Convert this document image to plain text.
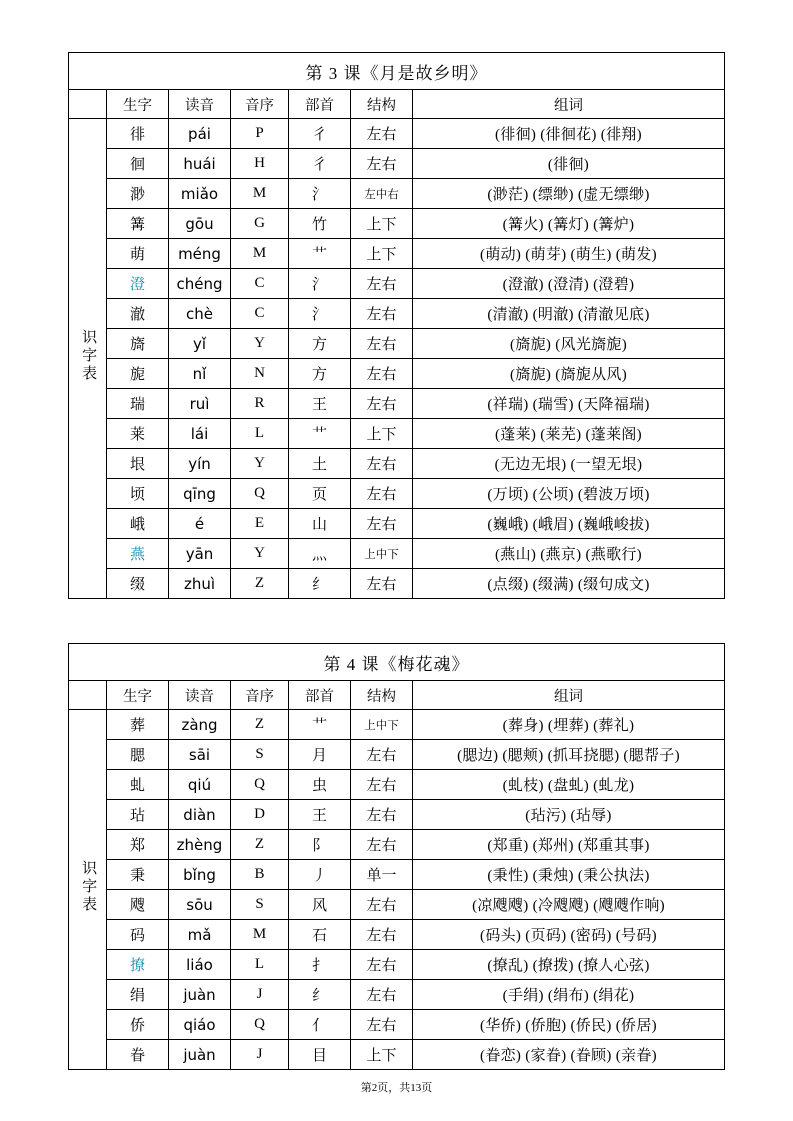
第 3 课《月是故乡明》						
	生字	读音	音序	部首	结构	组词
识字表	徘	pái	P	彳	左右	(徘徊) (徘徊花) (徘翔)
	徊	huái	H	彳	左右	(徘徊)
	渺	miǎo	M	氵	左中右	(渺茫) (缥缈) (虚无缥缈)
	篝	gōu	G	竹	上下	(篝火) (篝灯) (篝炉)
	萌	méng	M	艹	上下	(萌动) (萌芽) (萌生) (萌发)
	澄	chéng	C	氵	左右	(澄澈) (澄清) (澄碧)
	澈	chè	C	氵	左右	(清澈) (明澈) (清澈见底)
	旖	yǐ	Y	方	左右	(旖旎) (风光旖旎)
	旎	nǐ	N	方	左右	(旖旎) (旖旎从风)
	瑞	ruì	R	王	左右	(祥瑞) (瑞雪) (天降福瑞)
	莱	lái	L	艹	上下	(蓬莱) (莱芜) (蓬莱阁)
	垠	yín	Y	土	左右	(无边无垠) (一望无垠)
	顷	qīng	Q	页	左右	(万顷) (公顷) (碧波万顷)
	峨	é	E	山	左右	(巍峨) (峨眉) (巍峨峻拔)
	燕	yān	Y	灬	上中下	(燕山) (燕京) (燕歌行)
	缀	zhuì	Z	纟	左右	(点缀) (缀满) (缀句成文)
第 4 课《梅花魂》						
	生字	读音	音序	部首	结构	组词
识字表	葬	zàng	Z	艹	上中下	(葬身) (埋葬) (葬礼)
	腮	sāi	S	月	左右	(腮边) (腮颊) (抓耳挠腮) (腮帮子)
	虬	qiú	Q	虫	左右	(虬枝) (盘虬) (虬龙)
	玷	diàn	D	王	左右	(玷污) (玷辱)
	郑	zhèng	Z	阝	左右	(郑重) (郑州) (郑重其事)
	秉	bǐng	B	丿	单一	(秉性) (秉烛) (秉公执法)
	飕	sōu	S	风	左右	(凉飕飕) (冷飕飕) (飕飕作响)
	码	mǎ	M	石	左右	(码头) (页码) (密码) (号码)
	撩	liáo	L	扌	左右	(撩乱) (撩拨) (撩人心弦)
	绢	juàn	J	纟	左右	(手绢) (绢布) (绢花)
	侨	qiáo	Q	亻	左右	(华侨) (侨胞) (侨民) (侨居)
	眷	juàn	J	目	上下	(眷恋) (家眷) (眷顾) (亲眷)
第2页，共13页
